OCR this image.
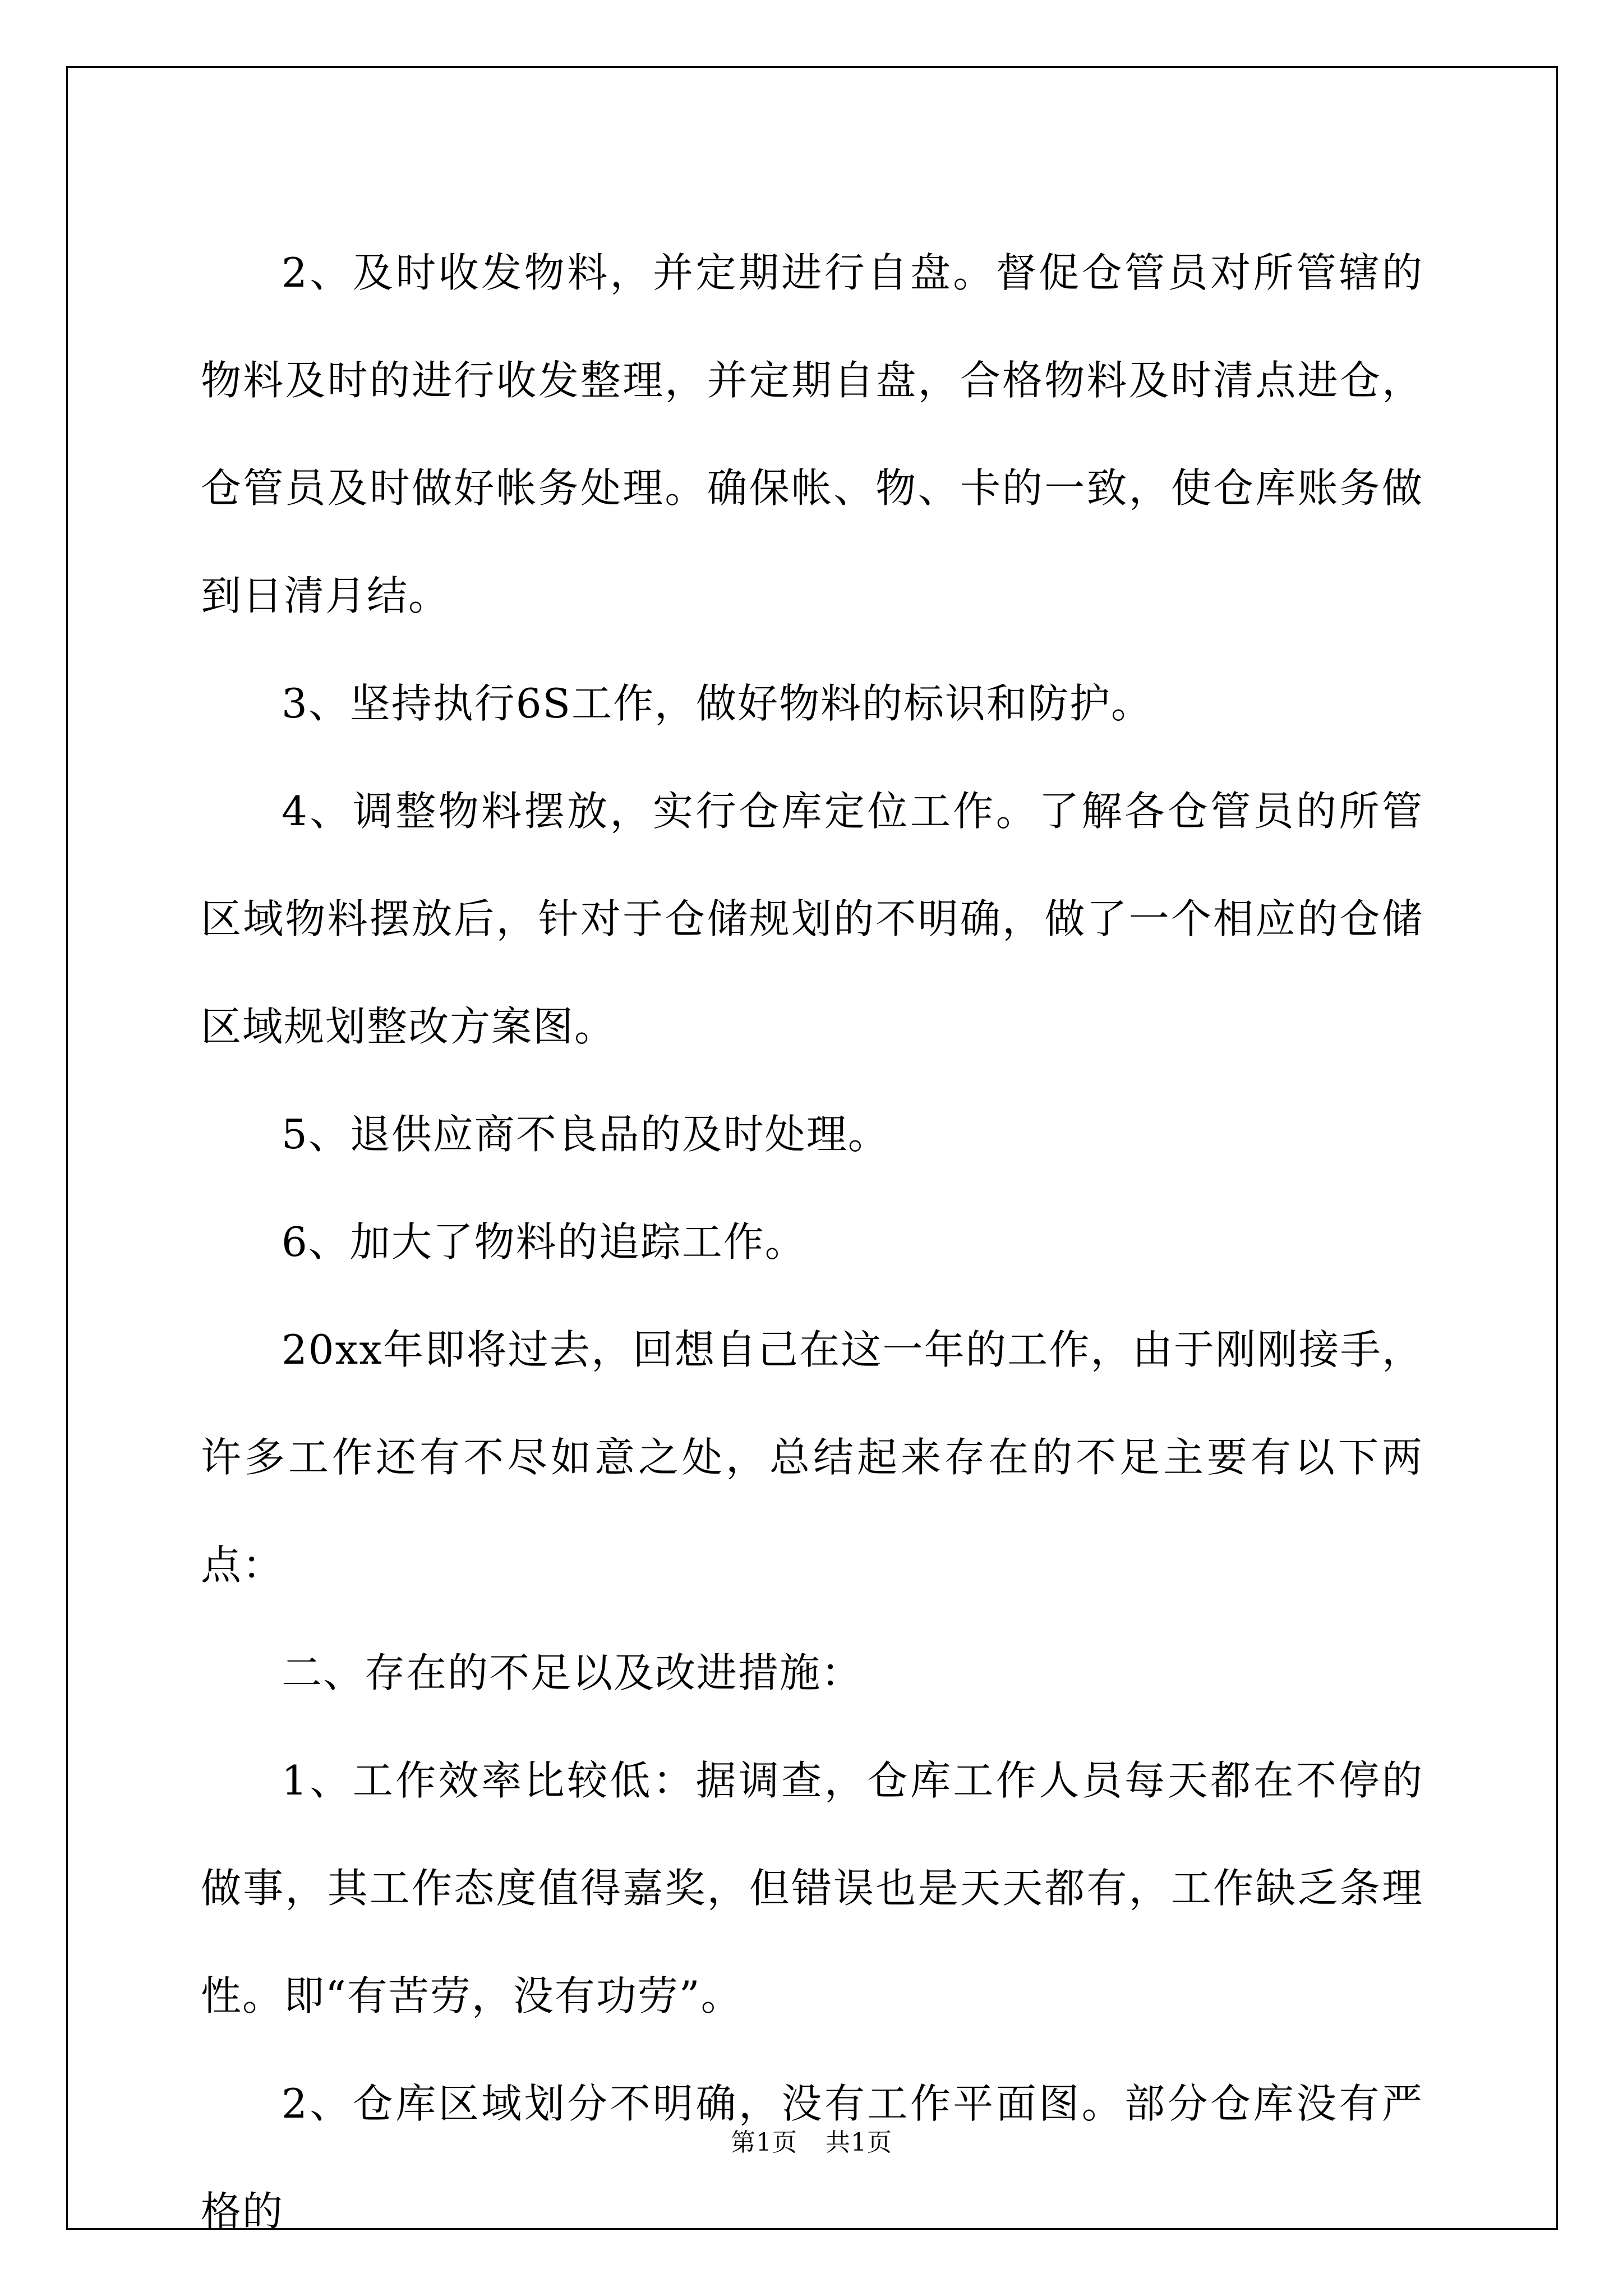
2、及时收发物料，并定期进行自盘。督促仓管员对所管辖的物料及时的进行收发整理，并定期自盘，合格物料及时清点进仓，仓管员及时做好帐务处理。确保帐、物、卡的一致，使仓库账务做到日清月结。

3、坚持执行6S工作，做好物料的标识和防护。

4、调整物料摆放，实行仓库定位工作。了解各仓管员的所管区域物料摆放后，针对于仓储规划的不明确，做了一个相应的仓储区域规划整改方案图。

5、退供应商不良品的及时处理。

6、加大了物料的追踪工作。

20xx年即将过去，回想自己在这一年的工作，由于刚刚接手，许多工作还有不尽如意之处，总结起来存在的不足主要有以下两点：

二、存在的不足以及改进措施：

1、工作效率比较低：据调查，仓库工作人员每天都在不停的做事，其工作态度值得嘉奖，但错误也是天天都有，工作缺乏条理性。即“有苦劳，没有功劳”。

2、仓库区域划分不明确，没有工作平面图。部分仓库没有严格的

第1页 共1页
